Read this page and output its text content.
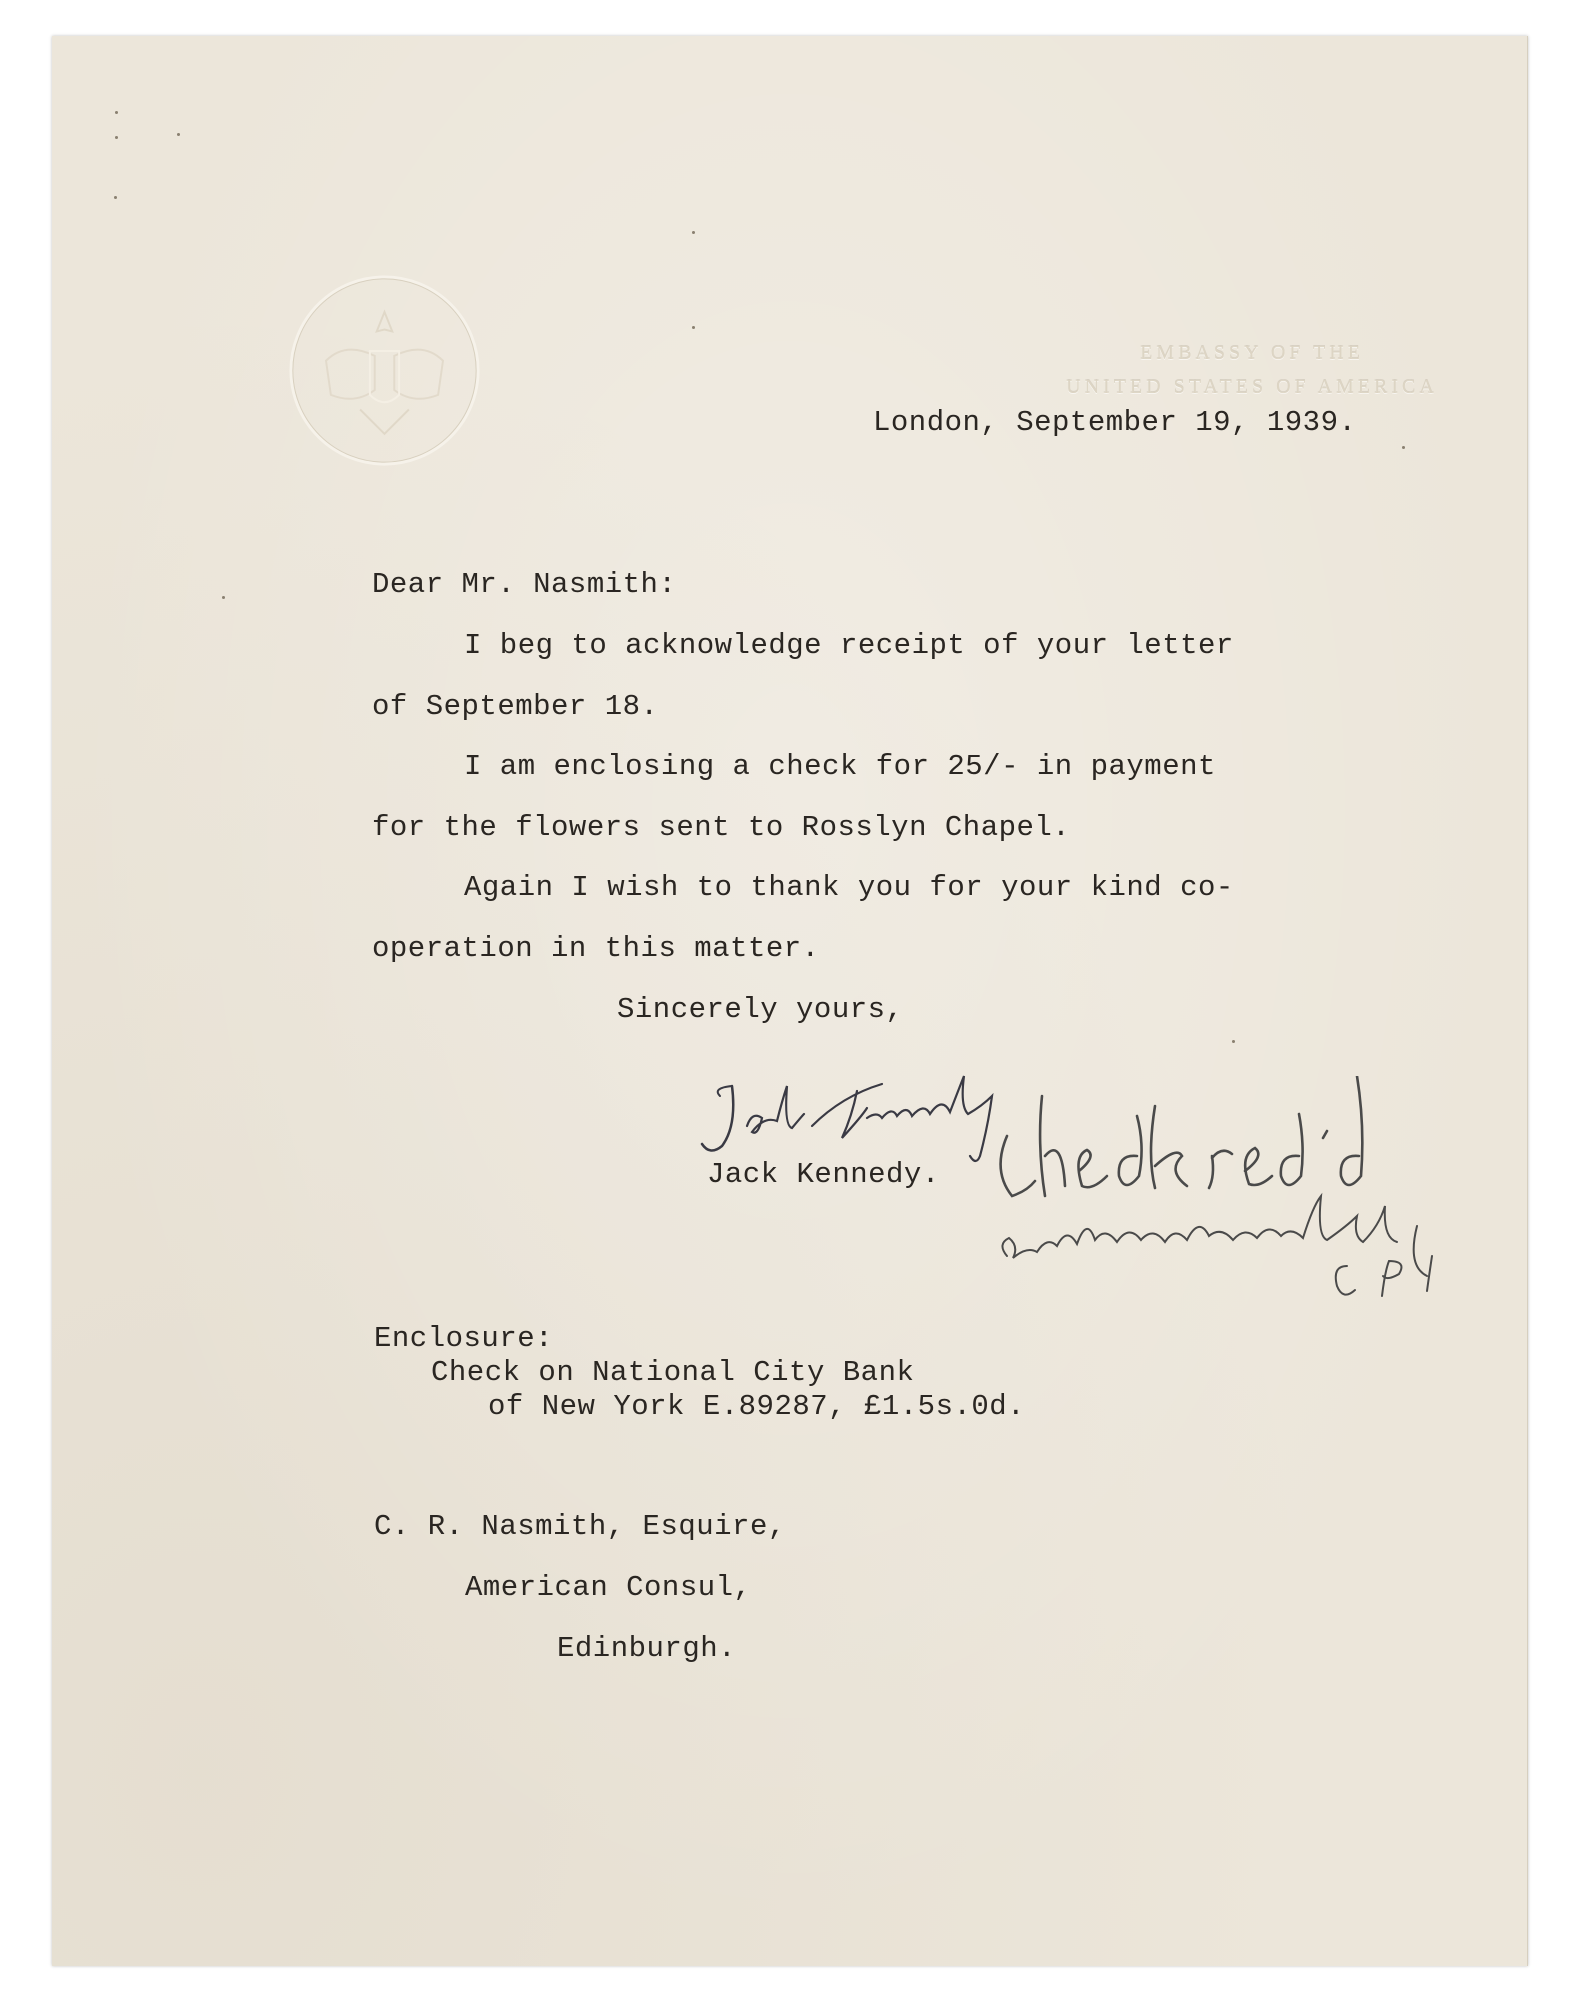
EMBASSY OF THE
UNITED STATES OF AMERICA
London, September 19, 1939.
Dear Mr. Nasmith:
I beg to acknowledge receipt of your letter
of September 18.
I am enclosing a check for 25/- in payment
for the flowers sent to Rosslyn Chapel.
Again I wish to thank you for your kind co-
operation in this matter.
Sincerely yours,
Jack Kennedy.
Enclosure:
Check on National City Bank
of New York E.89287, £1.5s.0d.
C. R. Nasmith, Esquire,
American Consul,
Edinburgh.
